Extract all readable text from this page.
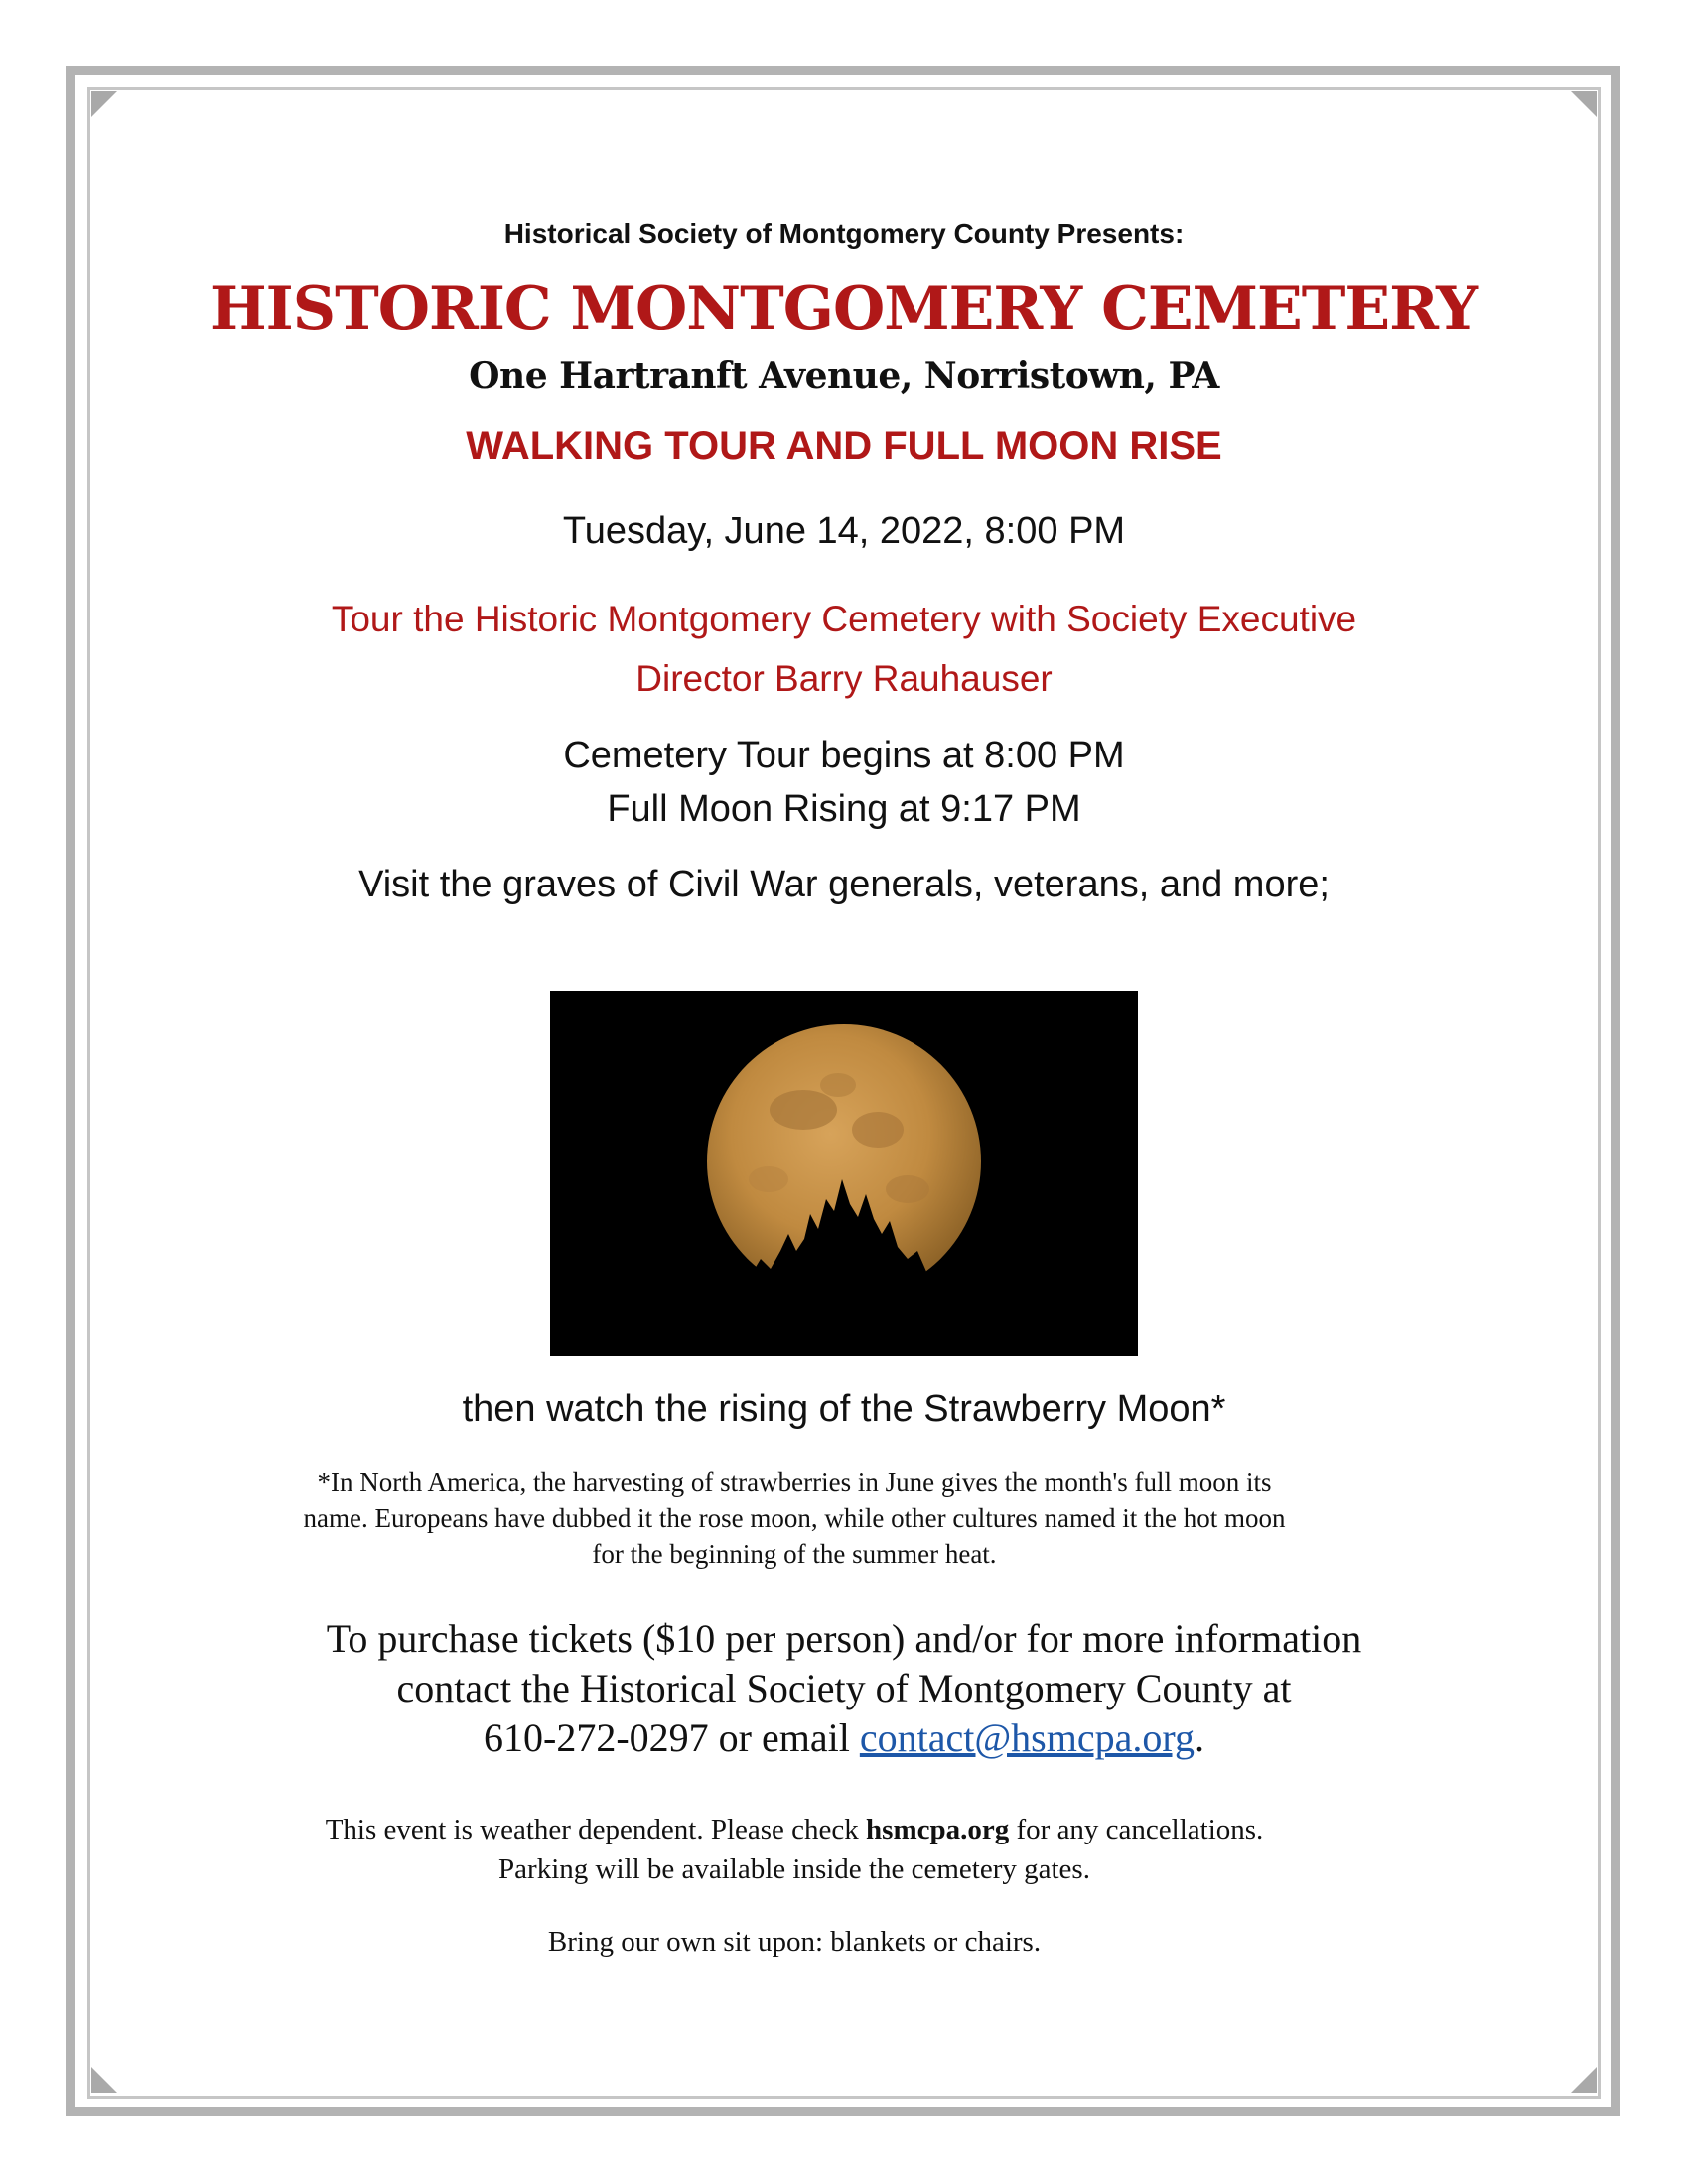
Historical Society of Montgomery County Presents:
HISTORIC MONTGOMERY CEMETERY
One Hartranft Avenue, Norristown, PA
WALKING TOUR AND FULL MOON RISE
Tuesday, June 14, 2022, 8:00 PM
Tour the Historic Montgomery Cemetery with Society Executive
Director Barry Rauhauser
Cemetery Tour begins at 8:00 PM
Full Moon Rising at 9:17 PM
Visit the graves of Civil War generals, veterans, and more;
then watch the rising of the Strawberry Moon*
*In North America, the harvesting of strawberries in June gives the month's full moon its
name. Europeans have dubbed it the rose moon, while other cultures named it the hot moon
for the beginning of the summer heat.
To purchase tickets ($10 per person) and/or for more information
contact the Historical Society of Montgomery County at
610-272-0297 or email contact@hsmcpa.org.
This event is weather dependent. Please check hsmcpa.org for any cancellations.
Parking will be available inside the cemetery gates.
Bring our own sit upon: blankets or chairs.
